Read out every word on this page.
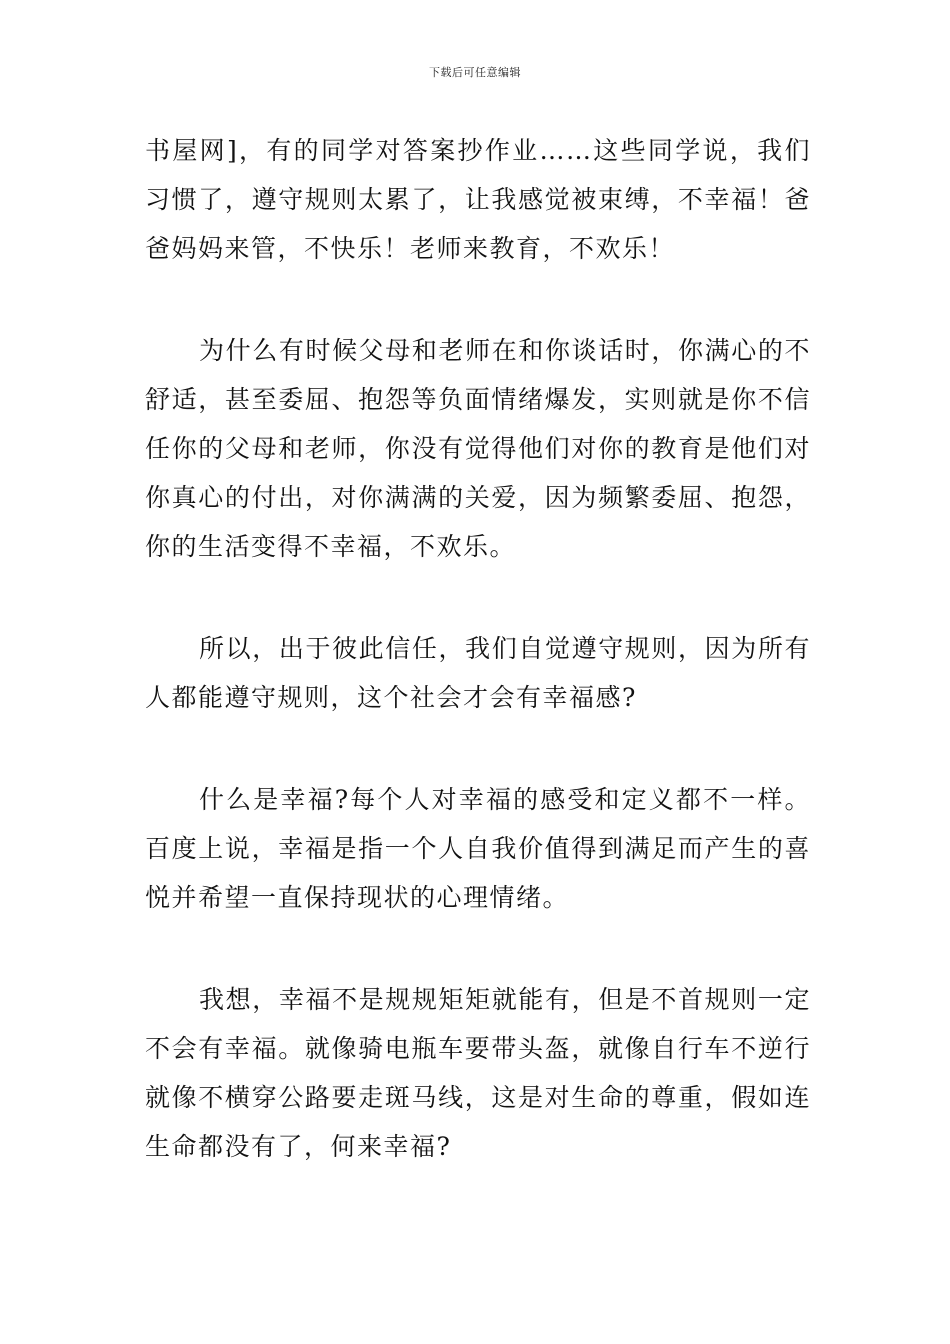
下载后可任意编辑

书屋网]，有的同学对答案抄作业……这些同学说，我们习惯了，遵守规则太累了，让我感觉被束缚，不幸福！爸爸妈妈来管，不快乐！老师来教育，不欢乐！

为什么有时候父母和老师在和你谈话时，你满心的不舒适，甚至委屈、抱怨等负面情绪爆发，实则就是你不信任你的父母和老师，你没有觉得他们对你的教育是他们对你真心的付出，对你满满的关爱，因为频繁委屈、抱怨，你的生活变得不幸福，不欢乐。

所以，出于彼此信任，我们自觉遵守规则，因为所有人都能遵守规则，这个社会才会有幸福感?

什么是幸福?每个人对幸福的感受和定义都不一样。百度上说，幸福是指一个人自我价值得到满足而产生的喜悦并希望一直保持现状的心理情绪。

我想，幸福不是规规矩矩就能有，但是不首规则一定不会有幸福。就像骑电瓶车要带头盔，就像自行车不逆行就像不横穿公路要走斑马线，这是对生命的尊重，假如连生命都没有了，何来幸福?
